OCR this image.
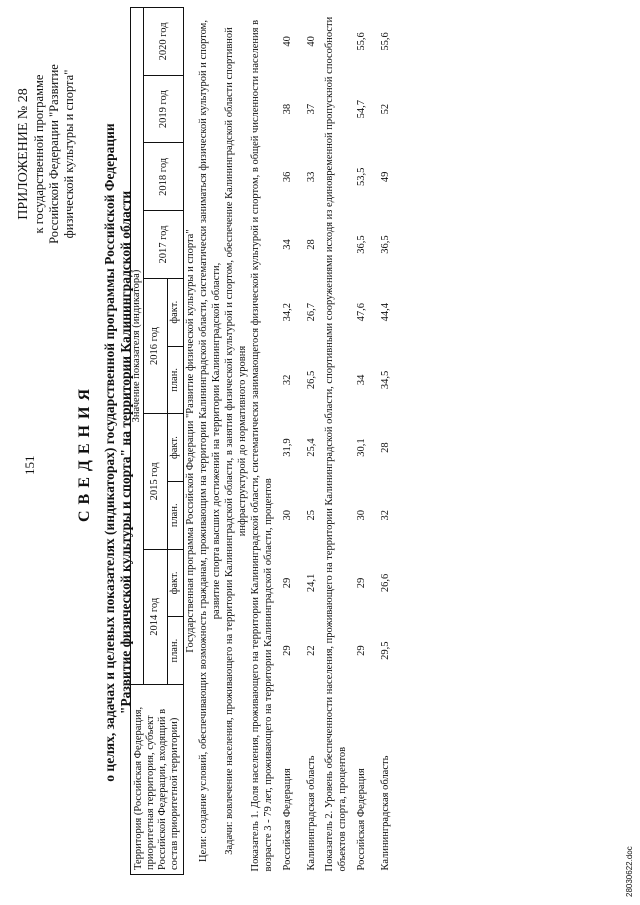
151
ПРИЛОЖЕНИЕ № 28 к государственной программе Российской Федерации "Развитие физической культуры и спорта"
СВЕДЕНИЯ о целях, задачах и целевых показателях (индикаторах) государственной программы Российской Федерации "Развитие физической культуры и спорта" на территории Калининградской области
Территория (Российская Федерация, приоритетная территория, субъект Российской Федерации, входящий в состав приоритетной территории)	Значение показателя (индикатора)									
	2014 год		2015 год		2016 год		2017 год	2018 год	2019 год	2020 год
	план.	факт.	план.	факт.	план.	факт.				
Государственная программа Российской Федерации "Развитие физической культуры и спорта"										
Цели: создание условий, обеспечивающих возможность гражданам, проживающим на территории Калининградской области, систематически заниматься физической культурой и спортом, развитие спорта высших достижений на территории Калининградской области,										
Задачи: вовлечение населения, проживающего на территории Калининградской области, в занятия физической культурой и спортом, обеспечение Калининградской области спортивной инфраструктурой до нормативного уровня										
Показатель 1. Доля населения, проживающего на территории Калининградской области, систематически занимающегося физической культурой и спортом, в общей численности населения в возрасте 3 - 79 лет, проживающего на территории Калининградской области, процентов										
Российская Федерация	29	29	30	31,9	32	34,2	34	36	38	40
Калининградская область	22	24,1	25	25,4	26,5	26,7	28	33	37	40
Показатель 2. Уровень обеспеченности населения, проживающего на территории Калининградской области, спортивными сооружениями исходя из единовременной пропускной способности объектов спорта, процентов										
Российская Федерация	29	29	30	30,1	34	47,6	36,5	53,5	54,7	55,6
Калининградская область	29,5	26,6	32	28	34,5	44,4	36,5	49	52	55,6
28030622.doc
